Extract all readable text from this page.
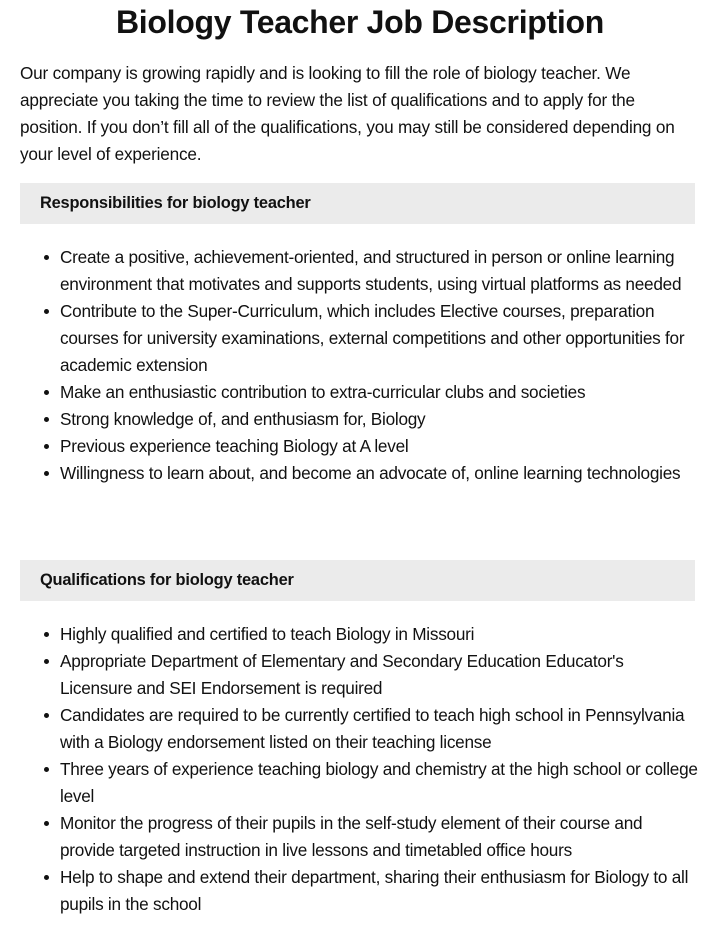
Biology Teacher Job Description

Our company is growing rapidly and is looking to fill the role of biology teacher. We appreciate you taking the time to review the list of qualifications and to apply for the position. If you don’t fill all of the qualifications, you may still be considered depending on your level of experience.

Responsibilities for biology teacher
Create a positive, achievement-oriented, and structured in person or online learning environment that motivates and supports students, using virtual platforms as needed
Contribute to the Super-Curriculum, which includes Elective courses, preparation courses for university examinations, external competitions and other opportunities for academic extension
Make an enthusiastic contribution to extra-curricular clubs and societies
Strong knowledge of, and enthusiasm for, Biology
Previous experience teaching Biology at A level
Willingness to learn about, and become an advocate of, online learning technologies
Qualifications for biology teacher
Highly qualified and certified to teach Biology in Missouri
Appropriate Department of Elementary and Secondary Education Educator's Licensure and SEI Endorsement is required
Candidates are required to be currently certified to teach high school in Pennsylvania with a Biology endorsement listed on their teaching license
Three years of experience teaching biology and chemistry at the high school or college level
Monitor the progress of their pupils in the self-study element of their course and provide targeted instruction in live lessons and timetabled office hours
Help to shape and extend their department, sharing their enthusiasm for Biology to all pupils in the school
